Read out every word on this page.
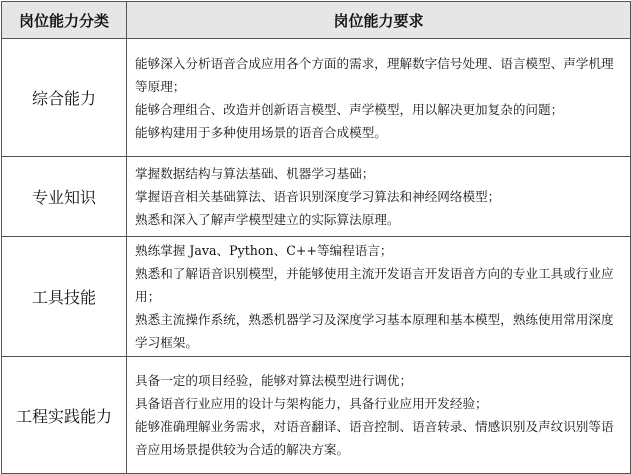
岗位能力分类	岗位能力要求
综合能力	能够深入分析语音合成应用各个方面的需求，理解数字信号处理、语言模型、声学机理等原理；

能够合理组合、改造并创新语言模型、声学模型，用以解决更加复杂的问题；

能够构建用于多种使用场景的语音合成模型。

专业知识	掌握数据结构与算法基础、机器学习基础；

掌握语音相关基础算法、语音识别深度学习算法和神经网络模型；

熟悉和深入了解声学模型建立的实际算法原理。

工具技能	熟练掌握 Java、Python、C++等编程语言；

熟悉和了解语音识别模型，并能够使用主流开发语言开发语音方向的专业工具或行业应用；

熟悉主流操作系统，熟悉机器学习及深度学习基本原理和基本模型，熟练使用常用深度学习框架。

工程实践能力	具备一定的项目经验，能够对算法模型进行调优；

具备语音行业应用的设计与架构能力，具备行业应用开发经验；

能够准确理解业务需求，对语音翻译、语音控制、语音转录、情感识别及声纹识别等语音应用场景提供较为合适的解决方案。
